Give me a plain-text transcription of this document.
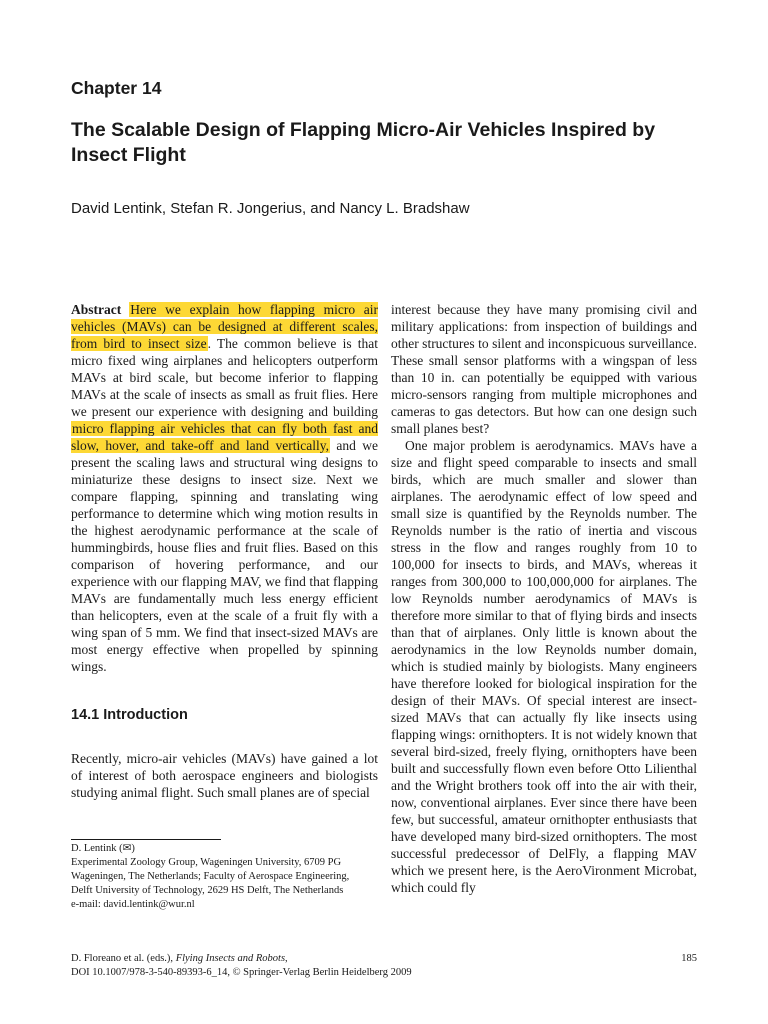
Chapter 14
The Scalable Design of Flapping Micro-Air Vehicles Inspired by Insect Flight
David Lentink, Stefan R. Jongerius, and Nancy L. Bradshaw

Abstract Here we explain how flapping micro air vehicles (MAVs) can be designed at different scales, from bird to insect size. The common believe is that micro fixed wing airplanes and helicopters outperform MAVs at bird scale, but become inferior to flapping MAVs at the scale of insects as small as fruit flies. Here we present our experience with designing and building micro flapping air vehicles that can fly both fast and slow, hover, and take-off and land vertically, and we present the scaling laws and structural wing designs to miniaturize these designs to insect size. Next we compare flapping, spinning and translating wing performance to determine which wing motion results in the highest aerodynamic performance at the scale of hummingbirds, house flies and fruit flies. Based on this comparison of hovering performance, and our experience with our flapping MAV, we find that flapping MAVs are fundamentally much less energy efficient than helicopters, even at the scale of a fruit fly with a wing span of 5 mm. We find that insect-sized MAVs are most energy effective when propelled by spinning wings.

14.1 Introduction

Recently, micro-air vehicles (MAVs) have gained a lot of interest of both aerospace engineers and biologists studying animal flight. Such small planes are of special

interest because they have many promising civil and military applications: from inspection of buildings and other structures to silent and inconspicuous surveillance. These small sensor platforms with a wingspan of less than 10 in. can potentially be equipped with various micro-sensors ranging from multiple microphones and cameras to gas detectors. But how can one design such small planes best?

One major problem is aerodynamics. MAVs have a size and flight speed comparable to insects and small birds, which are much smaller and slower than airplanes. The aerodynamic effect of low speed and small size is quantified by the Reynolds number. The Reynolds number is the ratio of inertia and viscous stress in the flow and ranges roughly from 10 to 100,000 for insects to birds, and MAVs, whereas it ranges from 300,000 to 100,000,000 for airplanes. The low Reynolds number aerodynamics of MAVs is therefore more similar to that of flying birds and insects than that of airplanes. Only little is known about the aerodynamics in the low Reynolds number domain, which is studied mainly by biologists. Many engineers have therefore looked for biological inspiration for the design of their MAVs. Of special interest are insect-sized MAVs that can actually fly like insects using flapping wings: ornithopters. It is not widely known that several bird-sized, freely flying, ornithopters have been built and successfully flown even before Otto Lilienthal and the Wright brothers took off into the air with their, now, conventional airplanes. Ever since there have been few, but successful, amateur ornithopter enthusiasts that have developed many bird-sized ornithopters. The most successful predecessor of DelFly, a flapping MAV which we present here, is the AeroVironment Microbat, which could fly

D. Lentink (✉)
Experimental Zoology Group, Wageningen University, 6709 PG Wageningen, The Netherlands; Faculty of Aerospace Engineering, Delft University of Technology, 2629 HS Delft, The Netherlands
e-mail: david.lentink@wur.nl
D. Floreano et al. (eds.), Flying Insects and Robots,
DOI 10.1007/978-3-540-89393-6_14, © Springer-Verlag Berlin Heidelberg 2009
185
